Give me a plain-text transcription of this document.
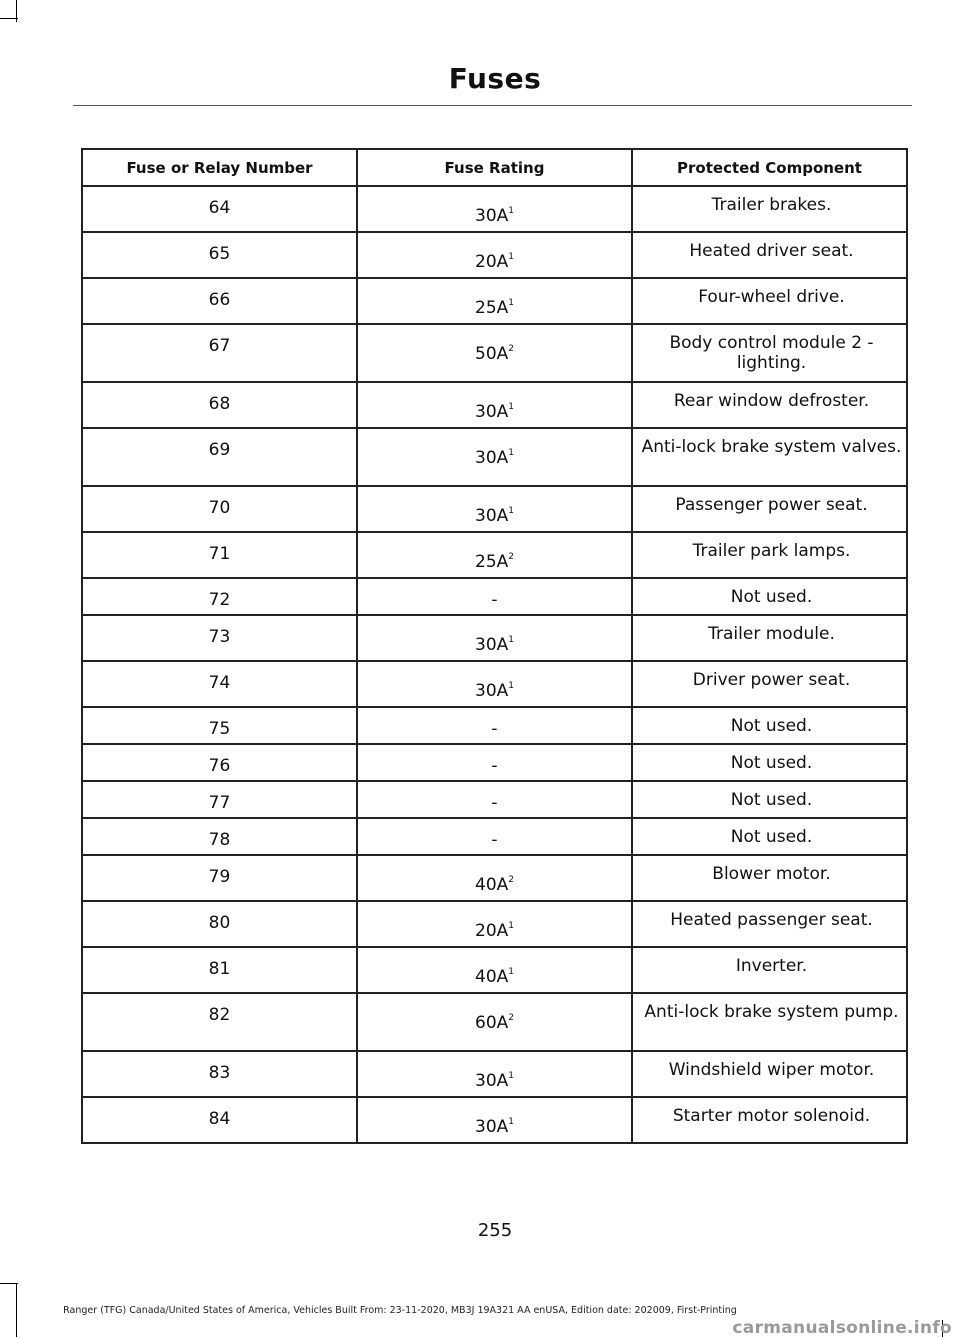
Fuses
Fuse or Relay Number	Fuse Rating	Protected Component

64	$30A^1$	Trailer brakes.

65	$20A^1$	Heated driver seat.

66	$25A^1$	Four-wheel drive.

67	$50A^2$	Body control module 2 - lighting.

68	$30A^1$	Rear window defroster.

69	$30A^1$	Anti-lock brake system valves.

70	$30A^1$	Passenger power seat.

71	$25A^2$	Trailer park lamps.

72	-	Not used.

73	$30A^1$	Trailer module.

74	$30A^1$	Driver power seat.

75	-	Not used.

76	-	Not used.

77	-	Not used.

78	-	Not used.

79	$40A^2$	Blower motor.

80	$20A^1$	Heated passenger seat.

81	$40A^1$	Inverter.

82	$60A^2$	Anti-lock brake system pump.

83	$30A^1$	Windshield wiper motor.

84	$30A^1$	Starter motor solenoid.
255
Ranger (TFG) Canada/United States of America, Vehicles Built From: 23-11-2020, MB3J 19A321 AA enUSA, Edition date: 202009, First-Printing
carmanualsonline.info
